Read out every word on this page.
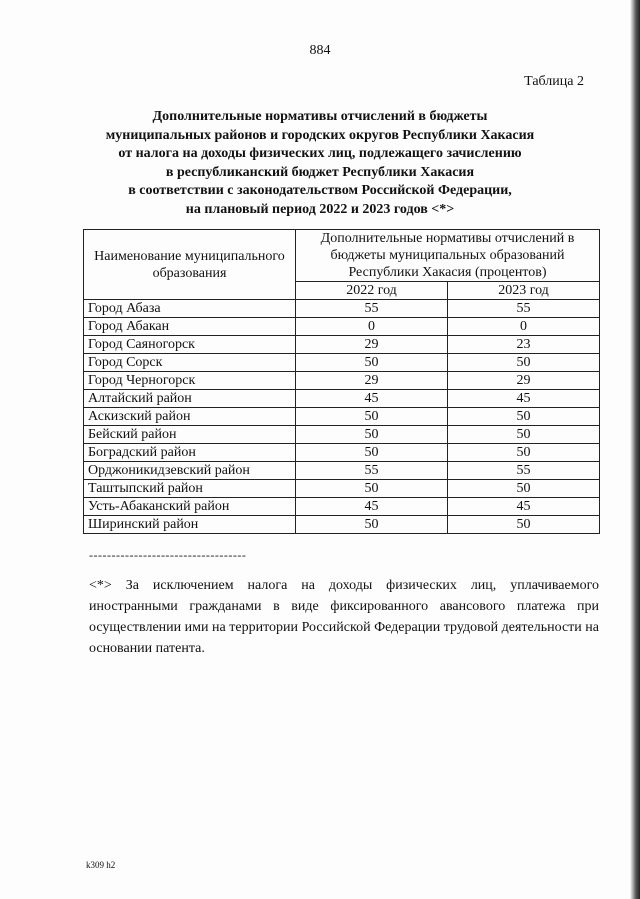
884
Таблица 2
Дополнительные нормативы отчислений в бюджеты
муниципальных районов и городских округов Республики Хакасия
от налога на доходы физических лиц, подлежащего зачислению
в республиканский бюджет Республики Хакасия
в соответствии с законодательством Российской Федерации,
на плановый период 2022 и 2023 годов <*>
Наименование муниципального образования	Дополнительные нормативы отчислений в бюджеты муниципальных образований Республики Хакасия (процентов)	
	2022 год	2023 год
Город Абаза	55	55
Город Абакан	0	0
Город Саяногорск	29	23
Город Сорск	50	50
Город Черногорск	29	29
Алтайский район	45	45
Аскизский район	50	50
Бейский район	50	50
Боградский район	50	50
Орджоникидзевский район	55	55
Таштыпский район	50	50
Усть-Абаканский район	45	45
Ширинский район	50	50
-----------------------------------
<*> За исключением налога на доходы физических лиц, уплачиваемого иностранными гражданами в виде фиксированного авансового платежа при осуществлении ими на территории Российской Федерации трудовой деятельности на основании патента.
k309 h2
